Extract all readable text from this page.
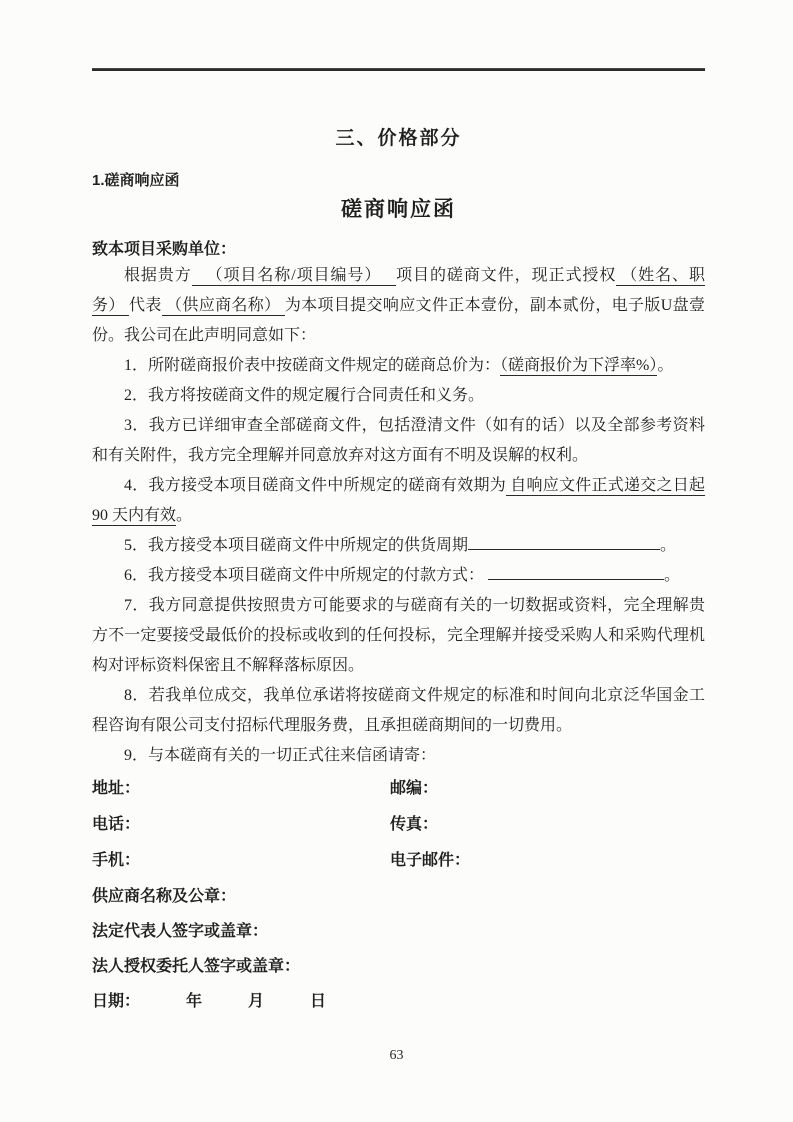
三、价格部分
1.磋商响应函
磋商响应函
致本项目采购单位：

根据贵方   （项目名称/项目编号）   项目的磋商文件，现正式授权 （姓名、职务） 代表 （供应商名称） 为本项目提交响应文件正本壹份，副本贰份，电子版U盘壹份。我公司在此声明同意如下：

1．所附磋商报价表中按磋商文件规定的磋商总价为：（磋商报价为下浮率%）。

2．我方将按磋商文件的规定履行合同责任和义务。

3．我方已详细审查全部磋商文件，包括澄清文件（如有的话）以及全部参考资料和有关附件，我方完全理解并同意放弃对这方面有不明及误解的权利。

4．我方接受本项目磋商文件中所规定的磋商有效期为 自响应文件正式递交之日起 90 天内有效。

5．我方接受本项目磋商文件中所规定的供货周期	。

6．我方接受本项目磋商文件中所规定的付款方式：	。

7．我方同意提供按照贵方可能要求的与磋商有关的一切数据或资料，完全理解贵方不一定要接受最低价的投标或收到的任何投标，完全理解并接受采购人和采购代理机构对评标资料保密且不解释落标原因。

8．若我单位成交，我单位承诺将按磋商文件规定的标准和时间向北京泛华国金工程咨询有限公司支付招标代理服务费，且承担磋商期间的一切费用。

9．与本磋商有关的一切正式往来信函请寄：

地址：	邮编：
电话：	传真：
手机：	电子邮件：
供应商名称及公章：
法定代表人签字或盖章：
法人授权委托人签字或盖章：
日期：	年	月	日
63
